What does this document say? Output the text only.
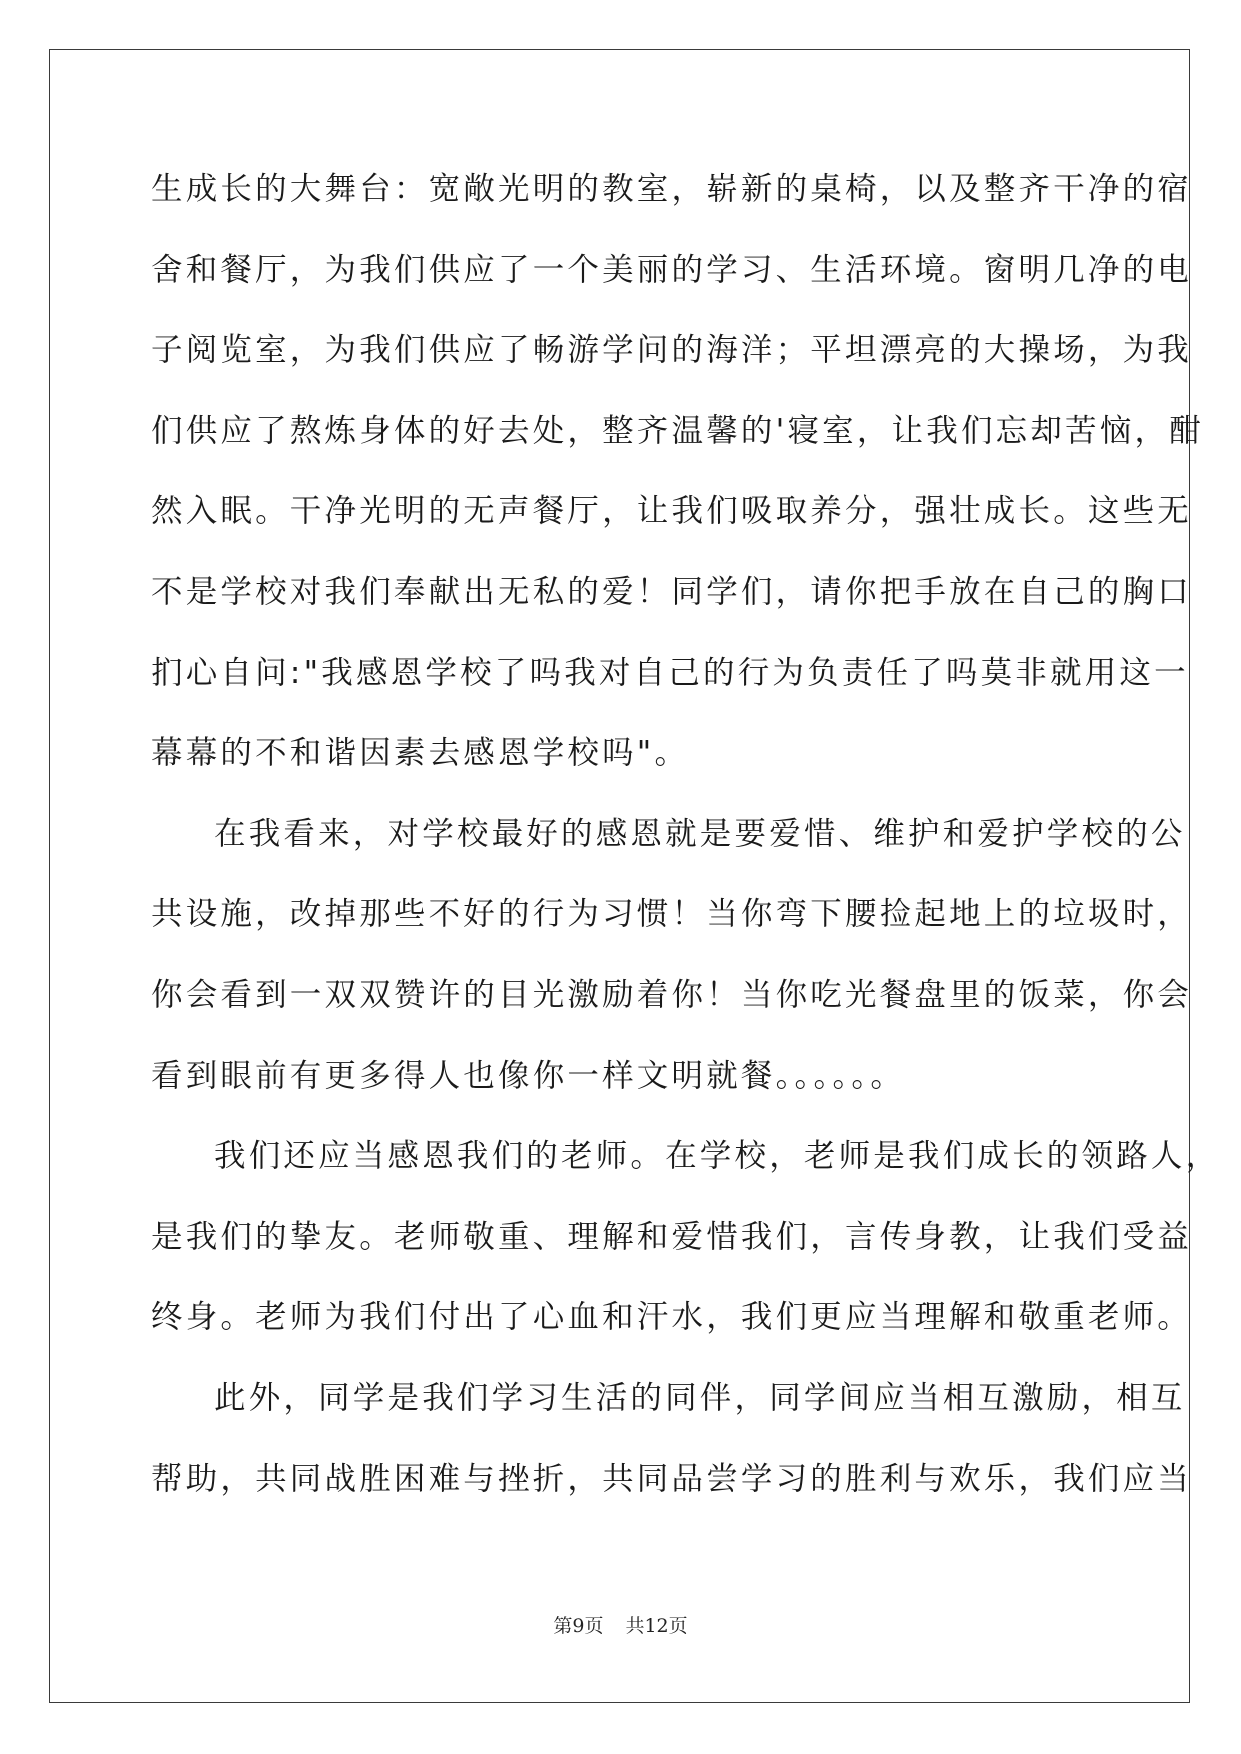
生成长的大舞台：宽敞光明的教室，崭新的桌椅，以及整齐干净的宿
舍和餐厅，为我们供应了一个美丽的学习、生活环境。窗明几净的电
子阅览室，为我们供应了畅游学问的海洋；平坦漂亮的大操场，为我
们供应了熬炼身体的好去处，整齐温馨的'寝室，让我们忘却苦恼，酣
然入眠。干净光明的无声餐厅，让我们吸取养分，强壮成长。这些无
不是学校对我们奉献出无私的爱！同学们，请你把手放在自己的胸口
扪心自问:"我感恩学校了吗我对自己的行为负责任了吗莫非就用这一
幕幕的不和谐因素去感恩学校吗"。
在我看来，对学校最好的感恩就是要爱惜、维护和爱护学校的公
共设施，改掉那些不好的行为习惯！当你弯下腰捡起地上的垃圾时，
你会看到一双双赞许的目光激励着你！当你吃光餐盘里的饭菜，你会
看到眼前有更多得人也像你一样文明就餐。。。。。。
我们还应当感恩我们的老师。在学校，老师是我们成长的领路人，
是我们的挚友。老师敬重、理解和爱惜我们，言传身教，让我们受益
终身。老师为我们付出了心血和汗水，我们更应当理解和敬重老师。
此外，同学是我们学习生活的同伴，同学间应当相互激励，相互
帮助，共同战胜困难与挫折，共同品尝学习的胜利与欢乐，我们应当
第9页 共12页
